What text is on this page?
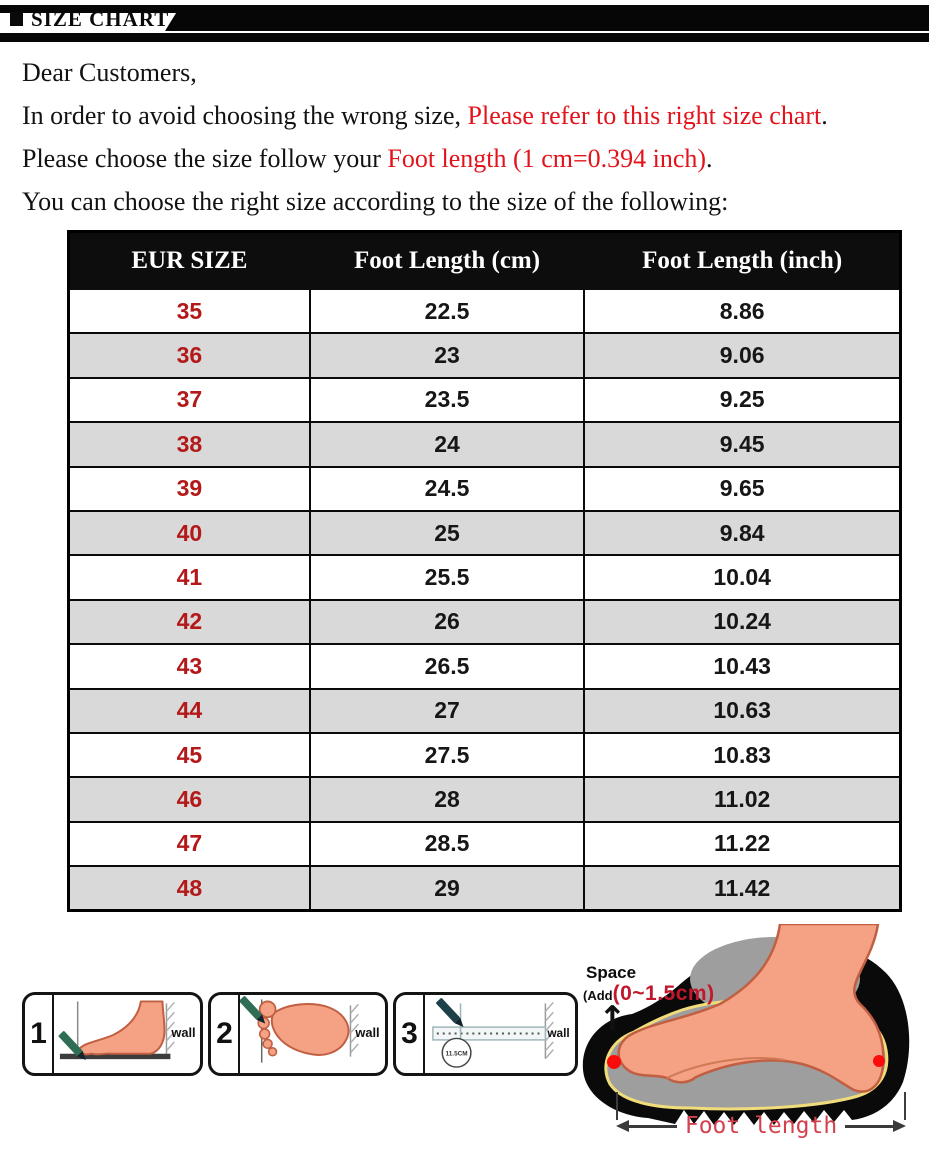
SIZE CHART

Dear Customers,

In order to avoid choosing the wrong size, Please refer to this right size chart.

Please choose the size follow your Foot length (1 cm=0.394 inch).

You can choose the right size according to the size of the following:

EUR SIZE	Foot Length (cm)	Foot Length (inch)
35	22.5	8.86
36	23	9.06
37	23.5	9.25
38	24	9.45
39	24.5	9.65
40	25	9.84
41	25.5	10.04
42	26	10.24
43	26.5	10.43
44	27	10.63
45	27.5	10.83
46	28	11.02
47	28.5	11.22
48	29	11.42
1	wall 2	wall 3
11.5CM
wall
Space
(Add (0~1.5cm)
↑
Foot length
